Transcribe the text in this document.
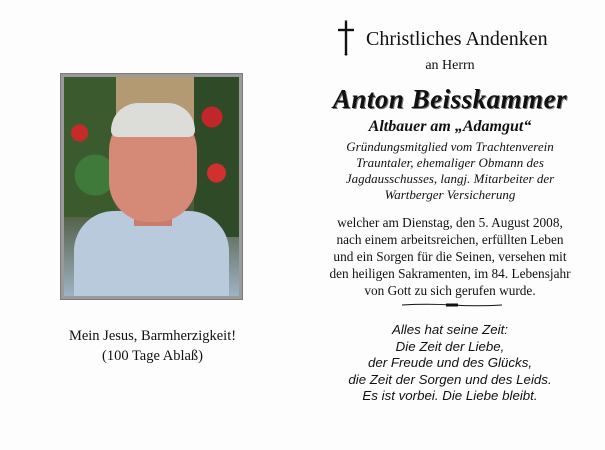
Mein Jesus, Barmherzigkeit!
(100 Tage Ablaß)
Christliches Andenken
an Herrn
Anton Beisskammer
Altbauer am „Adamgut“
Gründungsmitglied vom Trachtenverein
Trauntaler, ehemaliger Obmann des
Jagdausschusses, langj. Mitarbeiter der
Wartberger Versicherung
welcher am Dienstag, den 5. August 2008,
nach einem arbeitsreichen, erfüllten Leben
und ein Sorgen für die Seinen, versehen mit
den heiligen Sakramenten, im 84. Lebensjahr
von Gott zu sich gerufen wurde.
Alles hat seine Zeit:
Die Zeit der Liebe,
der Freude und des Glücks,
die Zeit der Sorgen und des Leids.
Es ist vorbei. Die Liebe bleibt.
